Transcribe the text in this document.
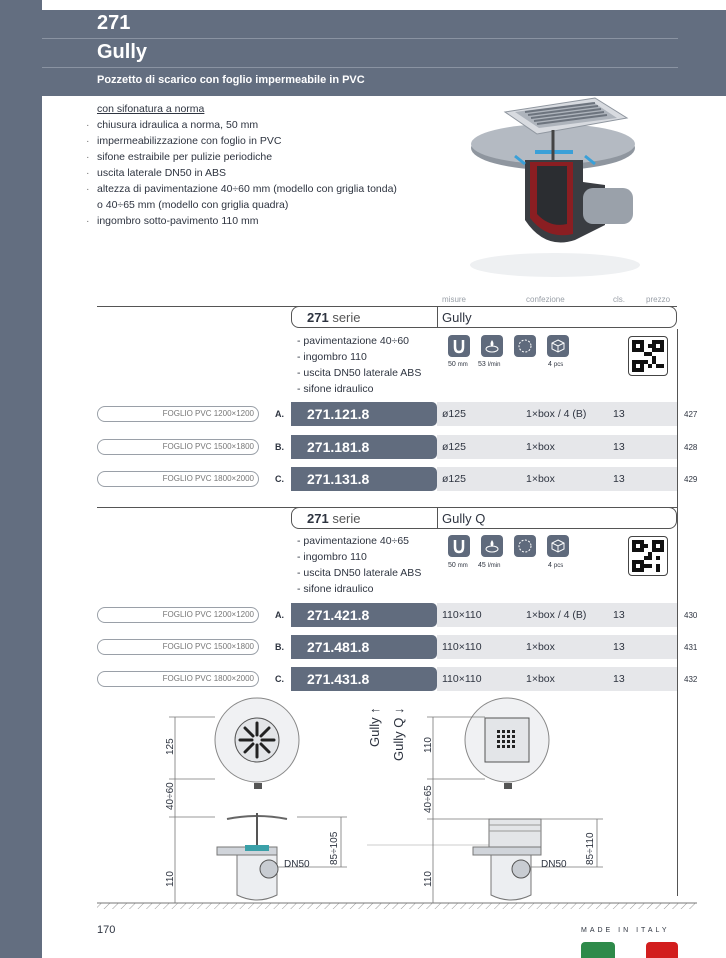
271
Gully
Pozzetto di scarico con foglio impermeabile in PVC
con sifonatura a norma
· chiusura idraulica a norma, 50 mm
· impermeabilizzazione con foglio in PVC
· sifone estraibile per pulizie periodiche
· uscita laterale DN50 in ABS
· altezza di pavimentazione 40÷60 mm (modello con griglia tonda)
o 40÷65 mm (modello con griglia quadra)
· ingombro sotto-pavimento 110 mm
misure	confezione	cls.	prezzo
271 serie	Gully
- pavimentazione 40÷60
- ingombro 110
- uscita DN50 laterale ABS
- sifone idraulico
50 mm 53 l/min	4 pcs
FOGLIO PVC 1200×1200	A. 271.121.8	ø125	1×box / 4 (B)	13	427
FOGLIO PVC 1500×1800	B. 271.181.8	ø125	1×box	13	428
FOGLIO PVC 1800×2000	C. 271.131.8	ø125	1×box	13	429
271 serie	Gully Q
- pavimentazione 40÷65
- ingombro 110
- uscita DN50 laterale ABS
- sifone idraulico
50 mm 45 l/min	4 pcs
FOGLIO PVC 1200×1200	A. 271.421.8	110×110	1×box / 4 (B)	13	430
FOGLIO PVC 1500×1800	B. 271.481.8	110×110	1×box	13	431
FOGLIO PVC 1800×2000	C. 271.431.8	110×110	1×box	13	432
125
40÷60
110
85÷105
DN50
Gully ↑ Gully Q ↓ 110
40÷65
110
85÷110
DN50
170	MADE IN ITALY
